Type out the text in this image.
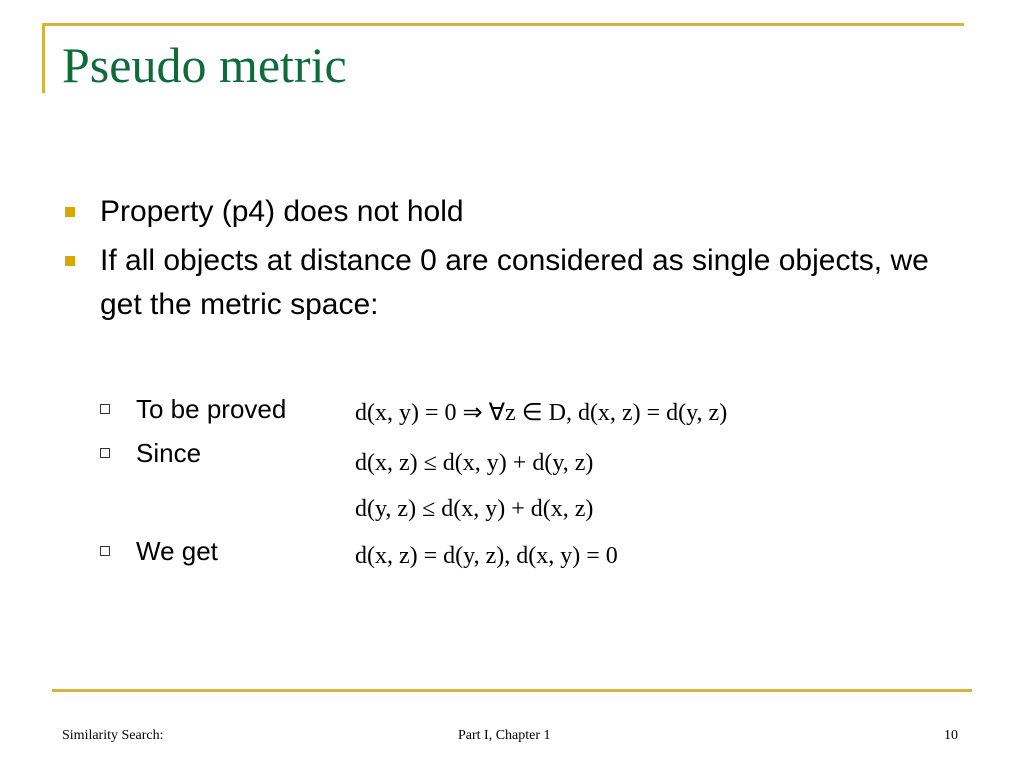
Pseudo metric
Property (p4) does not hold
If all objects at distance 0 are considered as single objects, we get the metric space:
To be proved
Since
We get
d(x, y) = 0 ⇒ ∀z ∈ D, d(x, z) = d(y, z)
d(x, z) ≤ d(x, y) + d(y, z)
d(y, z) ≤ d(x, y) + d(x, z)
d(x, z) = d(y, z), d(x, y) = 0
Similarity Search:	Part I, Chapter 1	10
